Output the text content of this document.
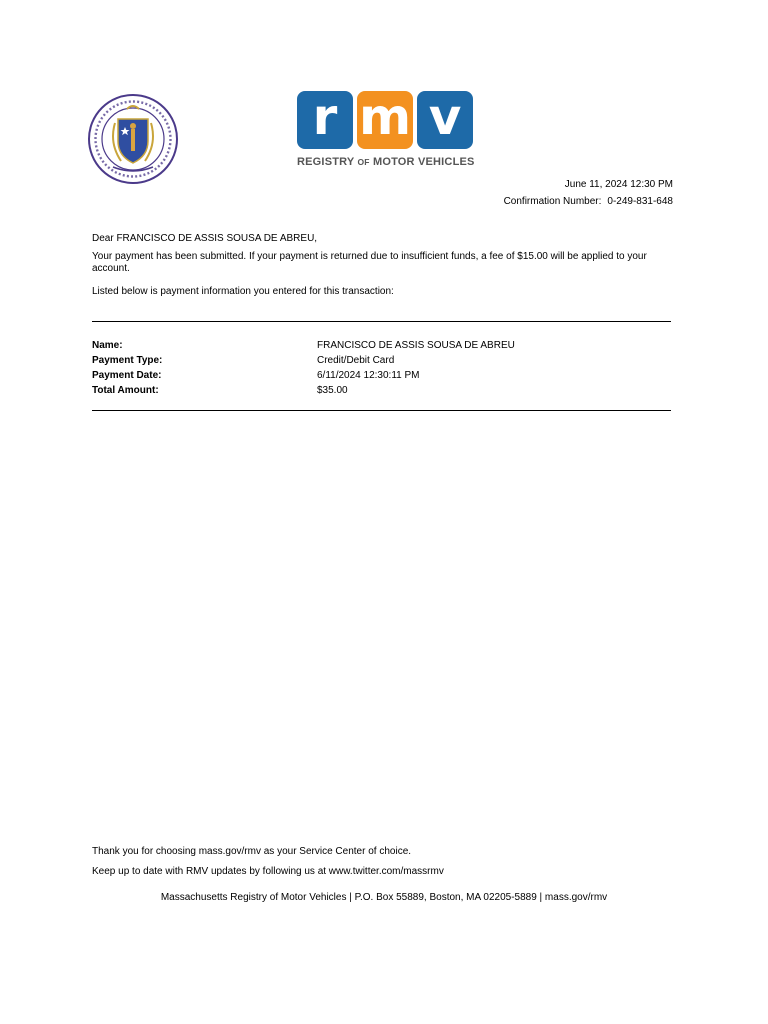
r m v
REGISTRY OF MOTOR VEHICLES
June 11, 2024 12:30 PM
Confirmation Number: 0-249-831-648
Dear FRANCISCO DE ASSIS SOUSA DE ABREU,
Your payment has been submitted. If your payment is returned due to insufficient funds, a fee of $15.00 will be applied to your account.
Listed below is payment information you entered for this transaction:
Name:	FRANCISCO DE ASSIS SOUSA DE ABREU
Payment Type:	Credit/Debit Card
Payment Date:	6/11/2024 12:30:11 PM
Total Amount:	$35.00
Thank you for choosing mass.gov/rmv as your Service Center of choice.
Keep up to date with RMV updates by following us at www.twitter.com/massrmv
Massachusetts Registry of Motor Vehicles | P.O. Box 55889, Boston, MA 02205-5889 | mass.gov/rmv
